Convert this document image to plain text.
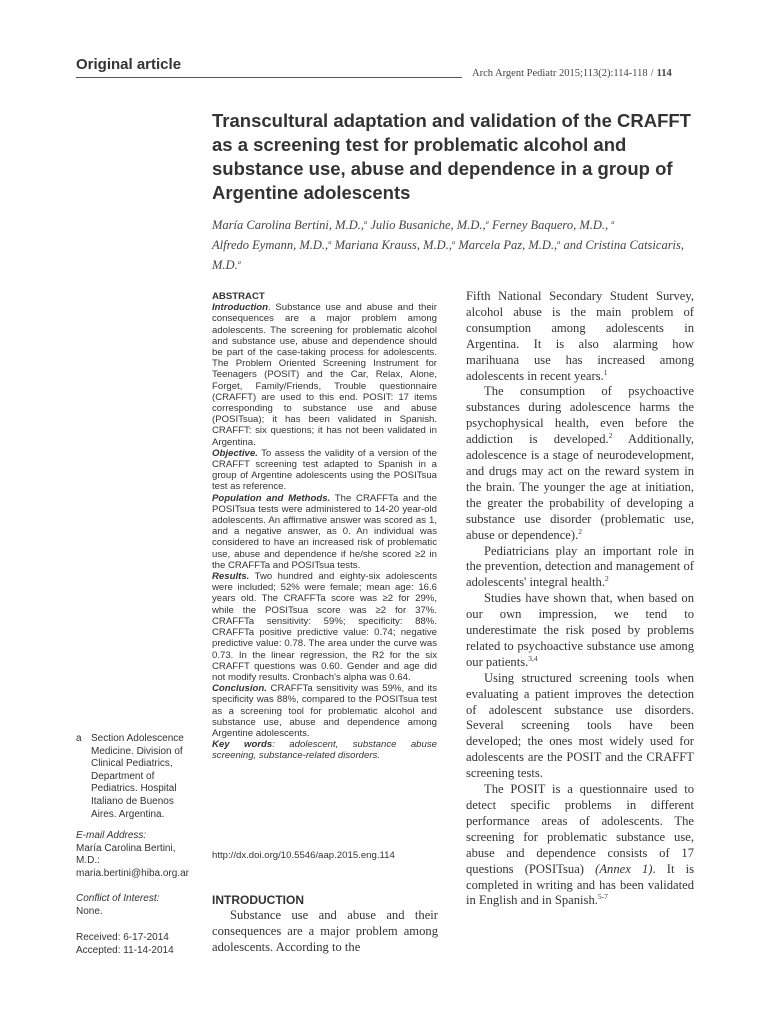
Original article
Arch Argent Pediatr 2015;113(2):114-118 / 114
Transcultural adaptation and validation of the CRAFFT as a screening test for problematic alcohol and substance use, abuse and dependence in a group of Argentine adolescents
María Carolina Bertini, M.D.,$^a$ Julio Busaniche, M.D.,$^a$ Ferney Baquero, M.D., $^a$
Alfredo Eymann, M.D.,$^a$ Mariana Krauss, M.D.,$^a$ Marcela Paz, M.D.,$^a$ and Cristina Catsicaris, M.D.$^a$
ABSTRACT

Introduction. Substance use and abuse and their consequences are a major problem among adolescents. The screening for problematic alcohol and substance use, abuse and dependence should be part of the case-taking process for adolescents. The Problem Oriented Screening Instrument for Teenagers (POSIT) and the Car, Relax, Alone, Forget, Family/Friends, Trouble questionnaire (CRAFFT) are used to this end. POSIT: 17 items corresponding to substance use and abuse (POSITsua); it has been validated in Spanish. CRAFFT: six questions; it has not been validated in Argentina.

Objective. To assess the validity of a version of the CRAFFT screening test adapted to Spanish in a group of Argentine adolescents using the POSITsua test as reference.

Population and Methods. The CRAFFTa and the POSITsua tests were administered to 14-20 year-old adolescents. An affirmative answer was scored as 1, and a negative answer, as 0. An individual was considered to have an increased risk of problematic use, abuse and dependence if he/she scored ≥2 in the CRAFFTa and POSITsua tests.

Results. Two hundred and eighty-six adolescents were included; 52% were female; mean age: 16.6 years old. The CRAFFTa score was ≥2 for 29%, while the POSITsua score was ≥2 for 37%. CRAFFTa sensitivity: 59%; specificity: 88%. CRAFFTa positive predictive value: 0.74; negative predictive value: 0.78. The area under the curve was 0.73. In the linear regression, the R2 for the six CRAFFT questions was 0.60. Gender and age did not modify results. Cronbach's alpha was 0.64.

Conclusion. CRAFFTa sensitivity was 59%, and its specificity was 88%, compared to the POSITsua test as a screening tool for problematic alcohol and substance use, abuse and dependence among Argentine adolescents.

Key words: adolescent, substance abuse screening, substance-related disorders.

http://dx.doi.org/10.5546/aap.2015.eng.114
INTRODUCTION

Substance use and abuse and their consequences are a major problem among adolescents. According to the

a Section Adolescence Medicine. Division of Clinical Pediatrics, Department of Pediatrics. Hospital Italiano de Buenos Aires. Argentina.
E-mail Address:
María Carolina Bertini, M.D.: maria.bertini@hiba.org.ar
Conflict of Interest:
None.
Received: 6-17-2014
Accepted: 11-14-2014

Fifth National Secondary Student Survey, alcohol abuse is the main problem of consumption among adolescents in Argentina. It is also alarming how marihuana use has increased among adolescents in recent years.$^1$

The consumption of psychoactive substances during adolescence harms the psychophysical health, even before the addiction is developed.$^2$ Additionally, adolescence is a stage of neurodevelopment, and drugs may act on the reward system in the brain. The younger the age at initiation, the greater the probability of developing a substance use disorder (problematic use, abuse or dependence).$^2$

Pediatricians play an important role in the prevention, detection and management of adolescents' integral health.$^2$

Studies have shown that, when based on our own impression, we tend to underestimate the risk posed by problems related to psychoactive substance use among our patients.$^{3,4}$

Using structured screening tools when evaluating a patient improves the detection of adolescent substance use disorders. Several screening tools have been developed; the ones most widely used for adolescents are the POSIT and the CRAFFT screening tests.

The POSIT is a questionnaire used to detect specific problems in different performance areas of adolescents. The screening for problematic substance use, abuse and dependence consists of 17 questions (POSITsua) (Annex 1). It is completed in writing and has been validated in English and in Spanish.$^{5-7}$
